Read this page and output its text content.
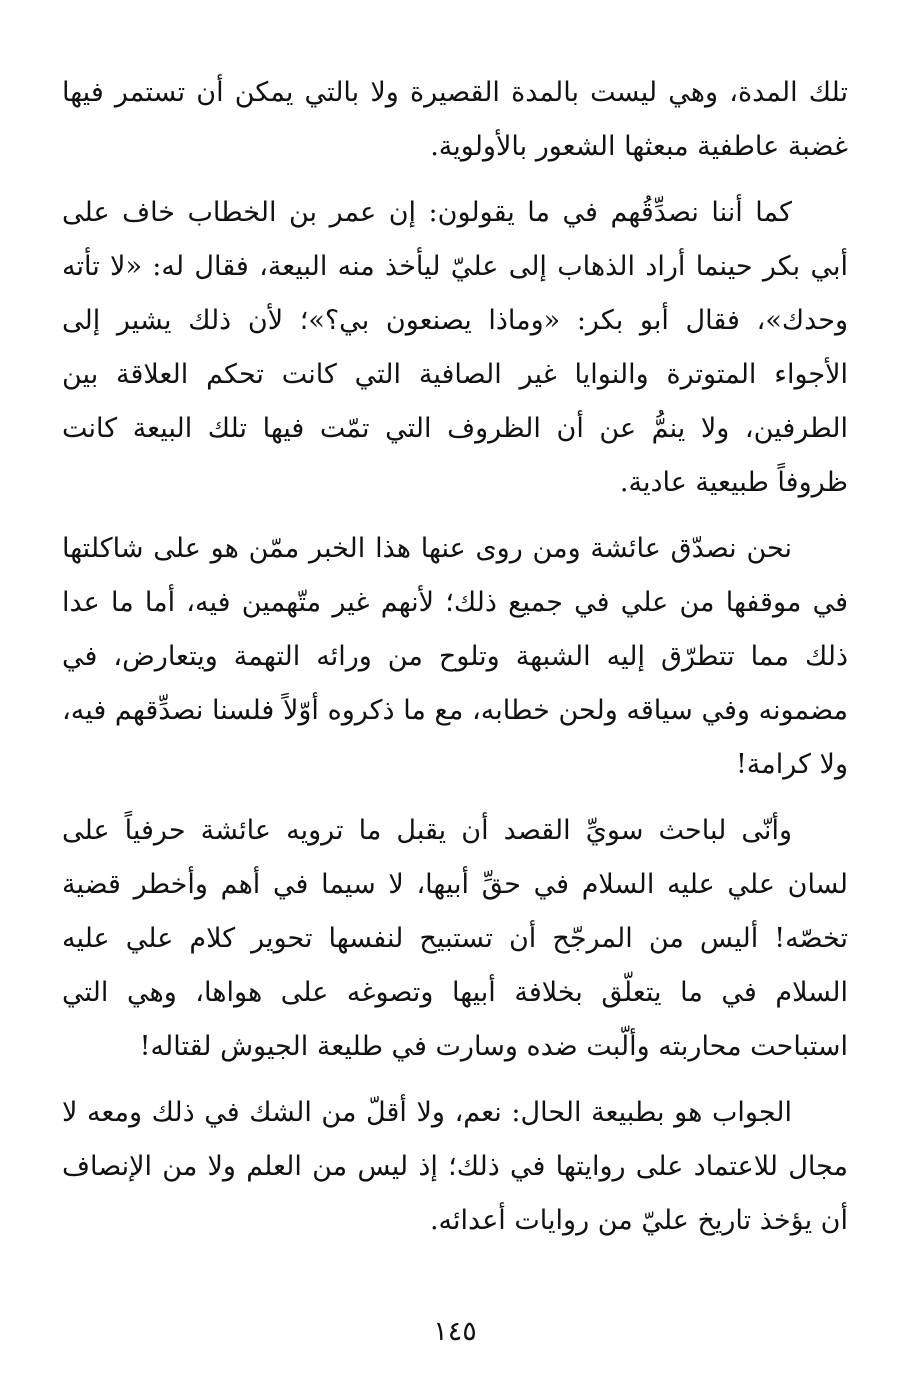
تلك المدة، وهي ليست بالمدة القصيرة ولا بالتي يمكن أن تستمر فيها غضبة عاطفية مبعثها الشعور بالأولوية.

كما أننا نصدِّقُهم في ما يقولون: إن عمر بن الخطاب خاف على أبي بكر حينما أراد الذهاب إلى عليّ ليأخذ منه البيعة، فقال له: «لا تأته وحدك»، فقال أبو بكر: «وماذا يصنعون بي؟»؛ لأن ذلك يشير إلى الأجواء المتوترة والنوايا غير الصافية التي كانت تحكم العلاقة بين الطرفين، ولا ينمُّ عن أن الظروف التي تمّت فيها تلك البيعة كانت ظروفاً طبيعية عادية.

نحن نصدّق عائشة ومن روى عنها هذا الخبر ممّن هو على شاكلتها في موقفها من علي في جميع ذلك؛ لأنهم غير متّهمين فيه، أما ما عدا ذلك مما تتطرّق إليه الشبهة وتلوح من ورائه التهمة ويتعارض، في مضمونه وفي سياقه ولحن خطابه، مع ما ذكروه أوّلاً فلسنا نصدِّقهم فيه، ولا كرامة!

وأنّى لباحث سويِّ القصد أن يقبل ما ترويه عائشة حرفياً على لسان علي عليه السلام في حقِّ أبيها، لا سيما في أهم وأخطر قضية تخصّه! أليس من المرجّح أن تستبيح لنفسها تحوير كلام علي عليه السلام في ما يتعلّق بخلافة أبيها وتصوغه على هواها، وهي التي استباحت محاربته وألّبت ضده وسارت في طليعة الجيوش لقتاله!

الجواب هو بطبيعة الحال: نعم، ولا أقلّ من الشك في ذلك ومعه لا مجال للاعتماد على روايتها في ذلك؛ إذ ليس من العلم ولا من الإنصاف أن يؤخذ تاريخ عليّ من روايات أعدائه.

١٤٥
